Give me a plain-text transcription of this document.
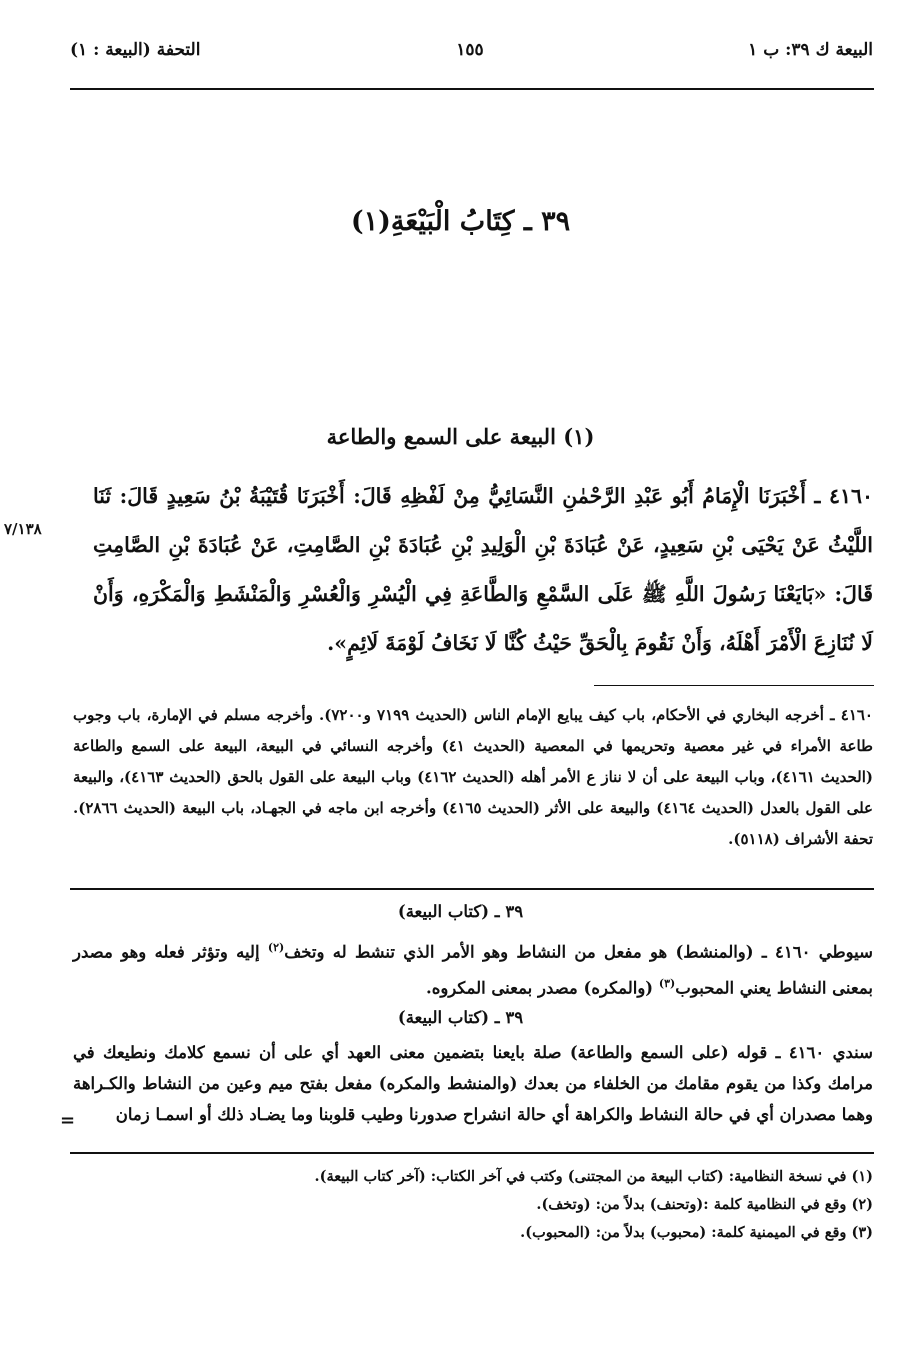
البيعة ك ٣٩: ب ١
١٥٥
التحفة (البيعة : ١)
٣٩ ـ كِتَابُ الْبَيْعَةِ(١)
(١) البيعة على السمع والطاعة
٤١٦٠ ـ أَخْبَرَنَا الْإِمَامُ أَبُو عَبْدِ الرَّحْمٰنِ النَّسَائِيُّ مِنْ لَفْظِهِ قَالَ: أَخْبَرَنَا قُتَيْبَةُ بْنُ سَعِيدٍ قَالَ: ثَنَا اللَّيْثُ عَنْ يَحْيَى بْنِ سَعِيدٍ، عَنْ عُبَادَةَ بْنِ الْوَلِيدِ بْنِ عُبَادَةَ بْنِ الصَّامِتِ، عَنْ عُبَادَةَ بْنِ الصَّامِتِ قَالَ: «بَايَعْنَا رَسُولَ اللَّهِ ﷺ عَلَى السَّمْعِ وَالطَّاعَةِ فِي الْيُسْرِ وَالْعُسْرِ وَالْمَنْشَطِ وَالْمَكْرَهِ، وَأَنْ لَا نُنَازِعَ الْأَمْرَ أَهْلَهُ، وَأَنْ نَقُومَ بِالْحَقِّ حَيْثُ كُنَّا لَا نَخَافُ لَوْمَةَ لَائِمٍ».
٧/١٣٨
٤١٦٠ ـ أخرجه البخاري في الأحكام، باب كيف يبايع الإمام الناس (الحديث ٧١٩٩ و٧٢٠٠). وأخرجه مسلم في الإمارة، باب وجوب طاعة الأمراء في غير معصية وتحريمها في المعصية (الحديث ٤١) وأخرجه النسائي في البيعة، البيعة على السمع والطاعة (الحديث ٤١٦١)، وباب البيعة على أن لا نناز ع الأمر أهله (الحديث ٤١٦٢) وباب البيعة على القول بالحق (الحديث ٤١٦٣)، والبيعة على القول بالعدل (الحديث ٤١٦٤) والبيعة على الأثر (الحديث ٤١٦٥) وأخرجه ابن ماجه في الجهـاد، باب البيعة (الحديث ٢٨٦٦). تحفة الأشراف (٥١١٨).
٣٩ ـ (كتاب البيعة)
سيوطي ٤١٦٠ ـ (والمنشط) هو مفعل من النشاط وهو الأمر الذي تنشط له وتخف$^{(٢)}$ إليه وتؤثر فعله وهو مصدر بمعنى النشاط يعني المحبوب$^{(٣)}$ (والمكره) مصدر بمعنى المكروه.
٣٩ ـ (كتاب البيعة)
سندي ٤١٦٠ ـ قوله (على السمع والطاعة) صلة بايعنا بتضمين معنى العهد أي على أن نسمع كلامك ونطيعك في مرامك وكذا من يقوم مقامك من الخلفاء من بعدك (والمنشط والمكره) مفعل بفتح ميم وعين من النشاط والكـراهة وهما مصدران أي في حالة النشاط والكراهة أي حالة انشراح صدورنا وطيب قلوبنا وما يضـاد ذلك أو اسمـا زمان
=
(١) في نسخة النظامية: (كتاب البيعة من المجتنى) وكتب في آخر الكتاب: (آخر كتاب البيعة).
(٢) وقع في النظامية كلمة :(وتحنف) بدلاً من: (وتخف).
(٣) وقع في الميمنية كلمة: (محبوب) بدلاً من: (المحبوب).
